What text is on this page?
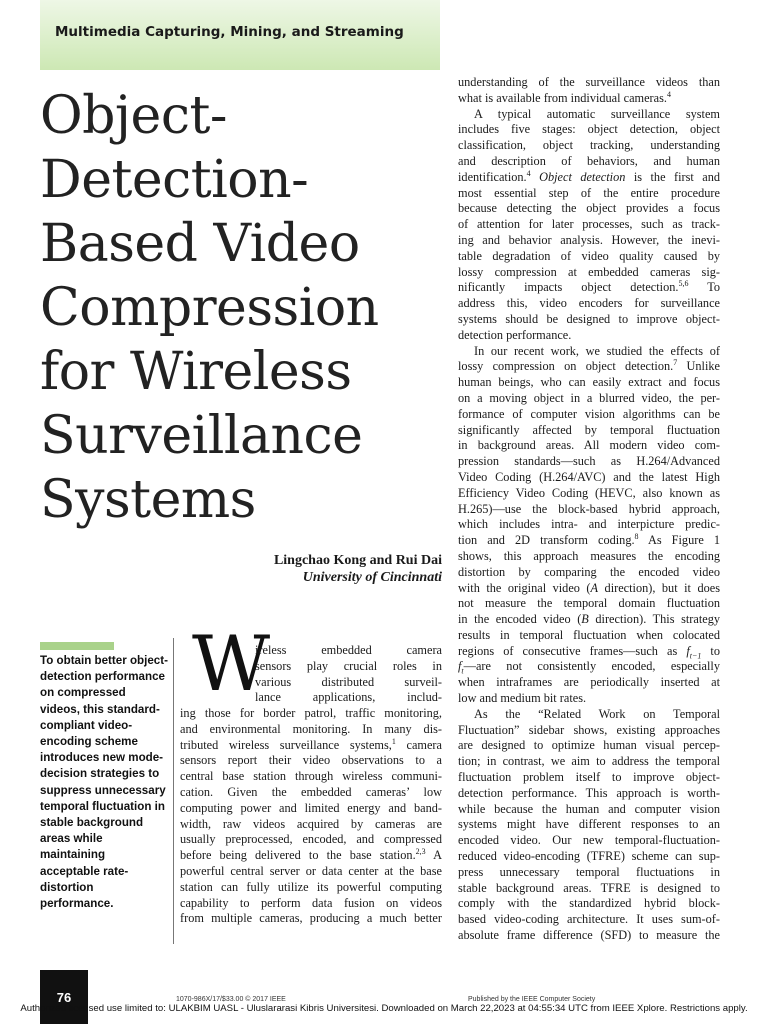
Multimedia Capturing, Mining, and Streaming
Object-
Detection-
Based Video
Compression
for Wireless
Surveillance
Systems
Lingchao Kong and Rui Dai
University of Cincinnati
To obtain better object-detection performance on compressed videos, this standard-compliant video-encoding scheme introduces new mode-decision strategies to suppress unnecessary temporal fluctuation in stable background areas while maintaining acceptable rate-distortion performance.
W
ireless embedded camera
sensors play crucial roles in
various distributed surveil-
lance applications, includ-
ing those for border patrol, traffic monitoring,
and environmental monitoring. In many dis-
tributed wireless surveillance systems,$^1$ camera
sensors report their video observations to a
central base station through wireless communi-
cation. Given the embedded cameras’ low
computing power and limited energy and band-
width, raw videos acquired by cameras are
usually preprocessed, encoded, and compressed
before being delivered to the base station.$^{2,3}$ A
powerful central server or data center at the base
station can fully utilize its powerful computing
capability to perform data fusion on videos
from multiple cameras, producing a much better
understanding of the surveillance videos than
what is available from individual cameras.$^4$
A typical automatic surveillance system
includes five stages: object detection, object
classification, object tracking, understanding
and description of behaviors, and human
identification.$^4$ Object detection is the first and
most essential step of the entire procedure
because detecting the object provides a focus
of attention for later processes, such as track-
ing and behavior analysis. However, the inevi-
table degradation of video quality caused by
lossy compression at embedded cameras sig-
nificantly impacts object detection.$^{5,6}$ To
address this, video encoders for surveillance
systems should be designed to improve object-
detection performance.
In our recent work, we studied the effects of
lossy compression on object detection.$^7$ Unlike
human beings, who can easily extract and focus
on a moving object in a blurred video, the per-
formance of computer vision algorithms can be
significantly affected by temporal fluctuation
in background areas. All modern video com-
pression standards—such as H.264/Advanced
Video Coding (H.264/AVC) and the latest High
Efficiency Video Coding (HEVC, also known as
H.265)—use the block-based hybrid approach,
which includes intra- and interpicture predic-
tion and 2D transform coding.$^8$ As Figure 1
shows, this approach measures the encoding
distortion by comparing the encoded video
with the original video (A direction), but it does
not measure the temporal domain fluctuation
in the encoded video (B direction). This strategy
results in temporal fluctuation when colocated
regions of consecutive frames—such as $f_{t-1}$ to
$f_t—are$ not consistently encoded, especially
when intraframes are periodically inserted at
low and medium bit rates.
As the “Related Work on Temporal
Fluctuation” sidebar shows, existing approaches
are designed to optimize human visual percep-
tion; in contrast, we aim to address the temporal
fluctuation problem itself to improve object-
detection performance. This approach is worth-
while because the human and computer vision
systems might have different responses to an
encoded video. Our new temporal-fluctuation-
reduced video-encoding (TFRE) scheme can sup-
press unnecessary temporal fluctuations in
stable background areas. TFRE is designed to
comply with the standardized hybrid block-
based video-coding architecture. It uses sum-of-
absolute frame difference (SFD) to measure the
76	1070-986X/17/$33.00 © 2017 IEEE	Published by the IEEE Computer Society
Authorized licensed use limited to: ULAKBIM UASL - Uluslararasi Kibris Universitesi. Downloaded on March 22,2023 at 04:55:34 UTC from IEEE Xplore. Restrictions apply.
